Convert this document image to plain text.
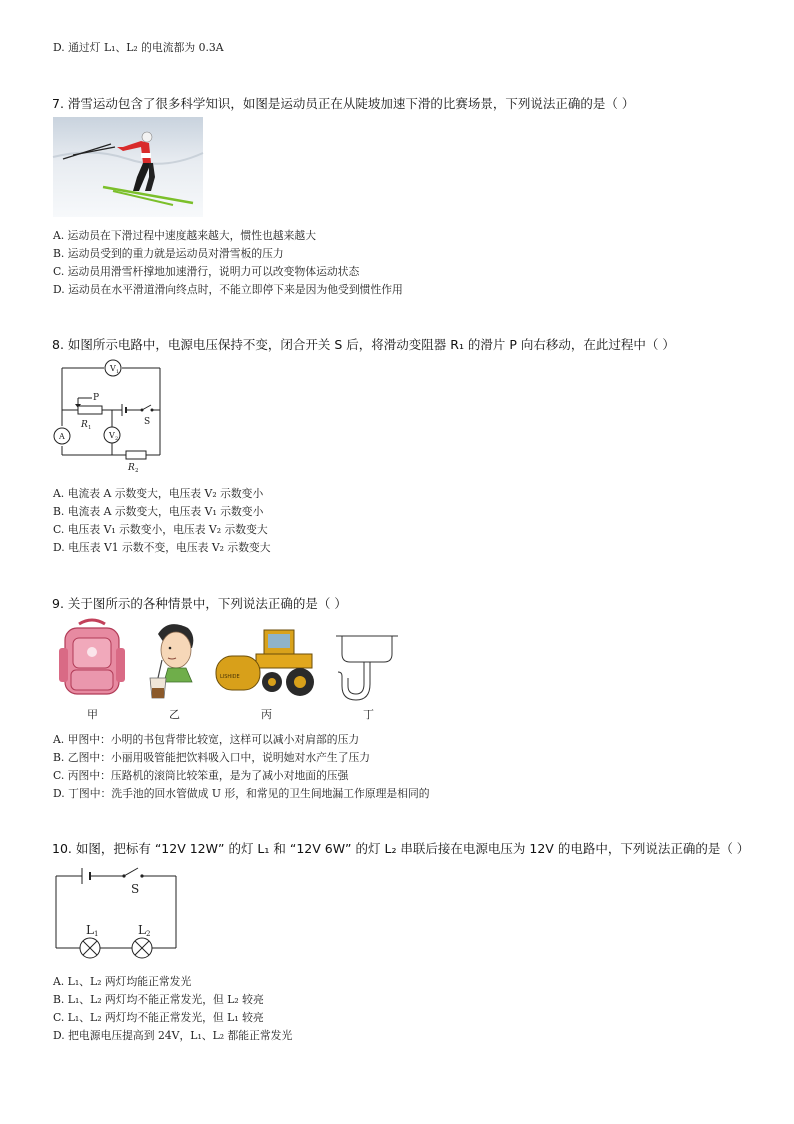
D. 通过灯 L₁、L₂ 的电流都为 0.3A
7. 滑雪运动包含了很多科学知识，如图是运动员正在从陡坡加速下滑的比赛场景，下列说法正确的是（ ）
A. 运动员在下滑过程中速度越来越大，惯性也越来越大
B. 运动员受到的重力就是运动员对滑雪板的压力
C. 运动员用滑雪杆撑地加速滑行，说明力可以改变物体运动状态
D. 运动员在水平滑道滑向终点时，不能立即停下来是因为他受到惯性作用
8. 如图所示电路中，电源电压保持不变，闭合开关 S 后，将滑动变阻器 R₁ 的滑片 P 向右移动，在此过程中（ ）
V 1
A	V 2
P
R 1
R 2
S
A. 电流表 A 示数变大，电压表 V₂ 示数变小
B. 电流表 A 示数变大，电压表 V₁ 示数变小
C. 电压表 V₁ 示数变小，电压表 V₂ 示数变大
D. 电压表 V1 示数不变，电压表 V₂ 示数变大
9. 关于图所示的各种情景中，下列说法正确的是（ ）
甲	乙
LISHIDE
丙	丁
A. 甲图中：小明的书包背带比较宽，这样可以减小对肩部的压力
B. 乙图中：小丽用吸管能把饮料吸入口中，说明她对水产生了压力
C. 丙图中：压路机的滚筒比较笨重，是为了减小对地面的压强
D. 丁图中：洗手池的回水管做成 U 形，和常见的卫生间地漏工作原理是相同的
10. 如图，把标有 “12V 12W” 的灯 L₁ 和 “12V 6W” 的灯 L₂ 串联后接在电源电压为 12V 的电路中，下列说法正确的是（ ）
S
L 1	L 2
A. L₁、L₂ 两灯均能正常发光
B. L₁、L₂ 两灯均不能正常发光，但 L₂ 较亮
C. L₁、L₂ 两灯均不能正常发光，但 L₁ 较亮
D. 把电源电压提高到 24V，L₁、L₂ 都能正常发光
